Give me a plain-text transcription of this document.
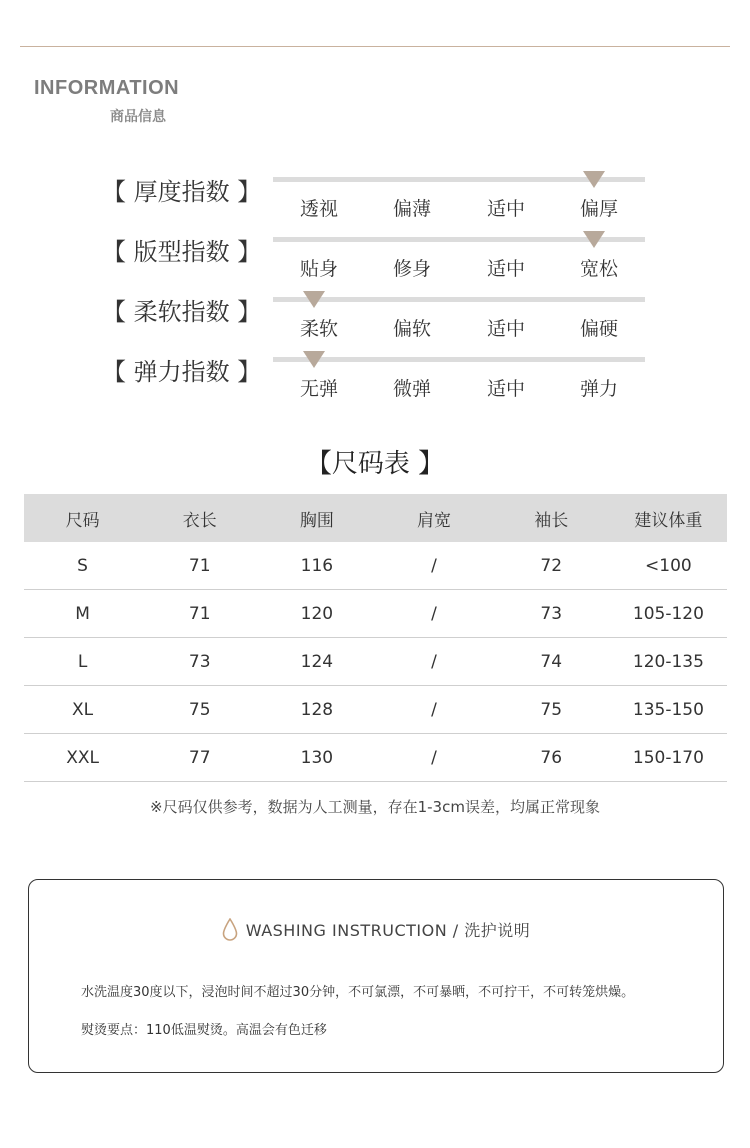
INFORMATION
商品信息
【 厚度指数 】
透视	偏薄	适中	偏厚
【 版型指数 】
贴身	修身	适中	宽松
【 柔软指数 】
柔软	偏软	适中	偏硬
【 弹力指数 】
无弹	微弹	适中	弹力
【尺码表 】
尺码	衣长	胸围	肩宽	袖长	建议体重
S	71	116	/	72	<100
M	71	120	/	73	105-120
L	73	124	/	74	120-135
XL	75	128	/	75	135-150
XXL	77	130	/	76	150-170
※尺码仅供参考，数据为人工测量，存在1-3cm误差，均属正常现象
WASHING INSTRUCTION / 洗护说明
水洗温度30度以下，浸泡时间不超过30分钟，不可氯漂，不可暴晒，不可拧干，不可转笼烘燥。
熨烫要点：110低温熨烫。高温会有色迁移
